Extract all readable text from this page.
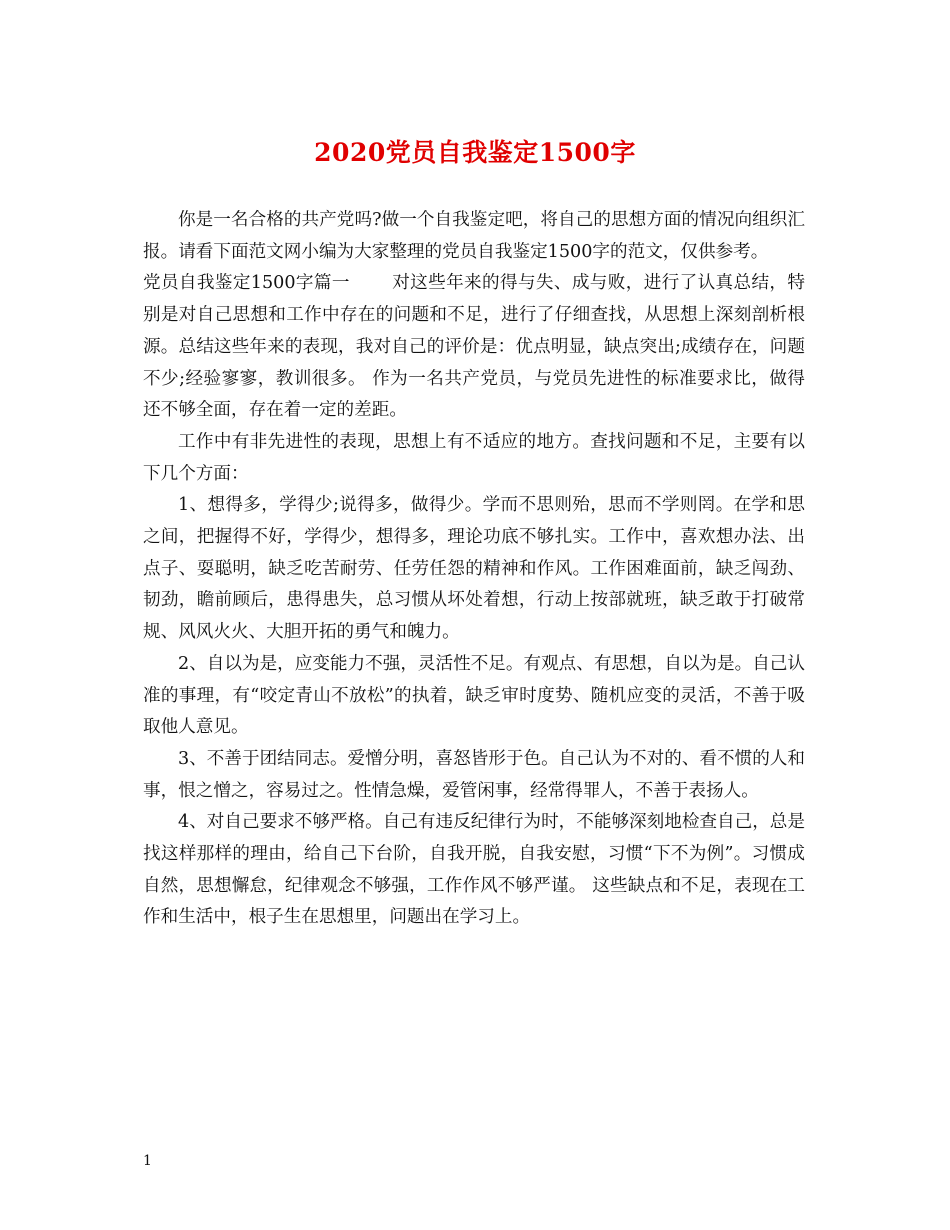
2020党员自我鉴定1500字

你是一名合格的共产党吗?做一个自我鉴定吧，将自己的思想方面的情况向组织汇报。请看下面范文网小编为大家整理的党员自我鉴定1500字的范文，仅供参考。

党员自我鉴定1500字篇一 对这些年来的得与失、成与败，进行了认真总结，特别是对自己思想和工作中存在的问题和不足，进行了仔细查找，从思想上深刻剖析根源。总结这些年来的表现，我对自己的评价是：优点明显，缺点突出;成绩存在，问题不少;经验寥寥，教训很多。 作为一名共产党员，与党员先进性的标准要求比，做得还不够全面，存在着一定的差距。

工作中有非先进性的表现，思想上有不适应的地方。查找问题和不足，主要有以下几个方面：

1、想得多，学得少;说得多，做得少。学而不思则殆，思而不学则罔。在学和思之间，把握得不好，学得少，想得多，理论功底不够扎实。工作中，喜欢想办法、出点子、耍聪明，缺乏吃苦耐劳、任劳任怨的精神和作风。工作困难面前，缺乏闯劲、韧劲，瞻前顾后，患得患失，总习惯从坏处着想，行动上按部就班，缺乏敢于打破常规、风风火火、大胆开拓的勇气和魄力。

2、自以为是，应变能力不强，灵活性不足。有观点、有思想，自以为是。自己认准的事理，有“咬定青山不放松”的执着，缺乏审时度势、随机应变的灵活，不善于吸取他人意见。

3、不善于团结同志。爱憎分明，喜怒皆形于色。自己认为不对的、看不惯的人和事，恨之憎之，容易过之。性情急燥，爱管闲事，经常得罪人，不善于表扬人。

4、对自己要求不够严格。自己有违反纪律行为时，不能够深刻地检查自己，总是找这样那样的理由，给自己下台阶，自我开脱，自我安慰，习惯“下不为例”。习惯成自然，思想懈怠，纪律观念不够强，工作作风不够严谨。 这些缺点和不足，表现在工作和生活中，根子生在思想里，问题出在学习上。

1
